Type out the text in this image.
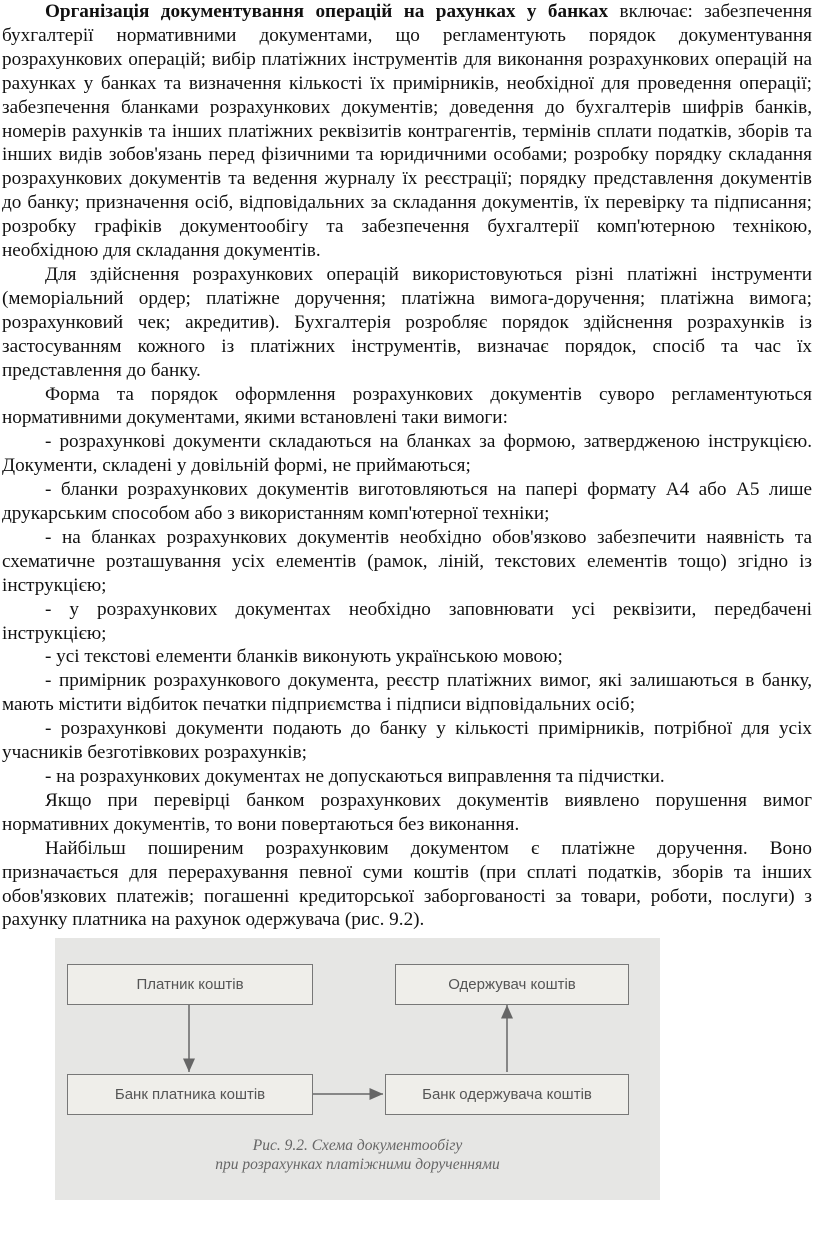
Організація документування операцій на рахунках у банках включає: забезпечення бухгалтерії нормативними документами, що регламентують порядок документування розрахункових операцій; вибір платіжних інструментів для виконання розрахункових операцій на рахунках у банках та визначення кількості їх примірників, необхідної для проведення операції; забезпечення бланками розрахункових документів; доведення до бухгалтерів шифрів банків, номерів рахунків та інших платіжних реквізитів контрагентів, термінів сплати податків, зборів та інших видів зобов'язань перед фізичними та юридичними особами; розробку порядку складання розрахункових документів та ведення журналу їх реєстрації; порядку представлення документів до банку; призначення осіб, відповідальних за складання документів, їх перевірку та підписання; розробку графіків документообігу та забезпечення бухгалтерії комп'ютерною технікою, необхідною для складання документів.

Для здійснення розрахункових операцій використовуються різні платіжні інструменти (меморіальний ордер; платіжне доручення; платіжна вимога-доручення; платіжна вимога; розрахунковий чек; акредитив). Бухгалтерія розробляє порядок здійснення розрахунків із застосуванням кожного із платіжних інструментів, визначає порядок, спосіб та час їх представлення до банку.

Форма та порядок оформлення розрахункових документів суворо регламентуються нормативними документами, якими встановлені таки вимоги:

- розрахункові документи складаються на бланках за формою, затвердженою інструкцією. Документи, складені у довільній формі, не приймаються;

- бланки розрахункових документів виготовляються на папері формату А4 або А5 лише друкарським способом або з використанням комп'ютерної техніки;

- на бланках розрахункових документів необхідно обов'язково забезпечити наявність та схематичне розташування усіх елементів (рамок, ліній, текстових елементів тощо) згідно із інструкцією;

- у розрахункових документах необхідно заповнювати усі реквізити, передбачені інструкцією;

- усі текстові елементи бланків виконують українською мовою;

- примірник розрахункового документа, реєстр платіжних вимог, які залишаються в банку, мають містити відбиток печатки підприємства і підписи відповідальних осіб;

- розрахункові документи подають до банку у кількості примірників, потрібної для усіх учасників безготівкових розрахунків;

- на розрахункових документах не допускаються виправлення та підчистки.

Якщо при перевірці банком розрахункових документів виявлено порушення вимог нормативних документів, то вони повертаються без виконання.

Найбільш поширеним розрахунковим документом є платіжне доручення. Воно призначається для перерахування певної суми коштів (при сплаті податків, зборів та інших обов'язкових платежів; погашенні кредиторської заборгованості за товари, роботи, послуги) з рахунку платника на рахунок одержувача (рис. 9.2).

Платник коштів	Одержувач коштів
Банк платника коштів	Банк одержувача коштів
Рис. 9.2. Схема документообігу
при розрахунках платіжними дорученнями
